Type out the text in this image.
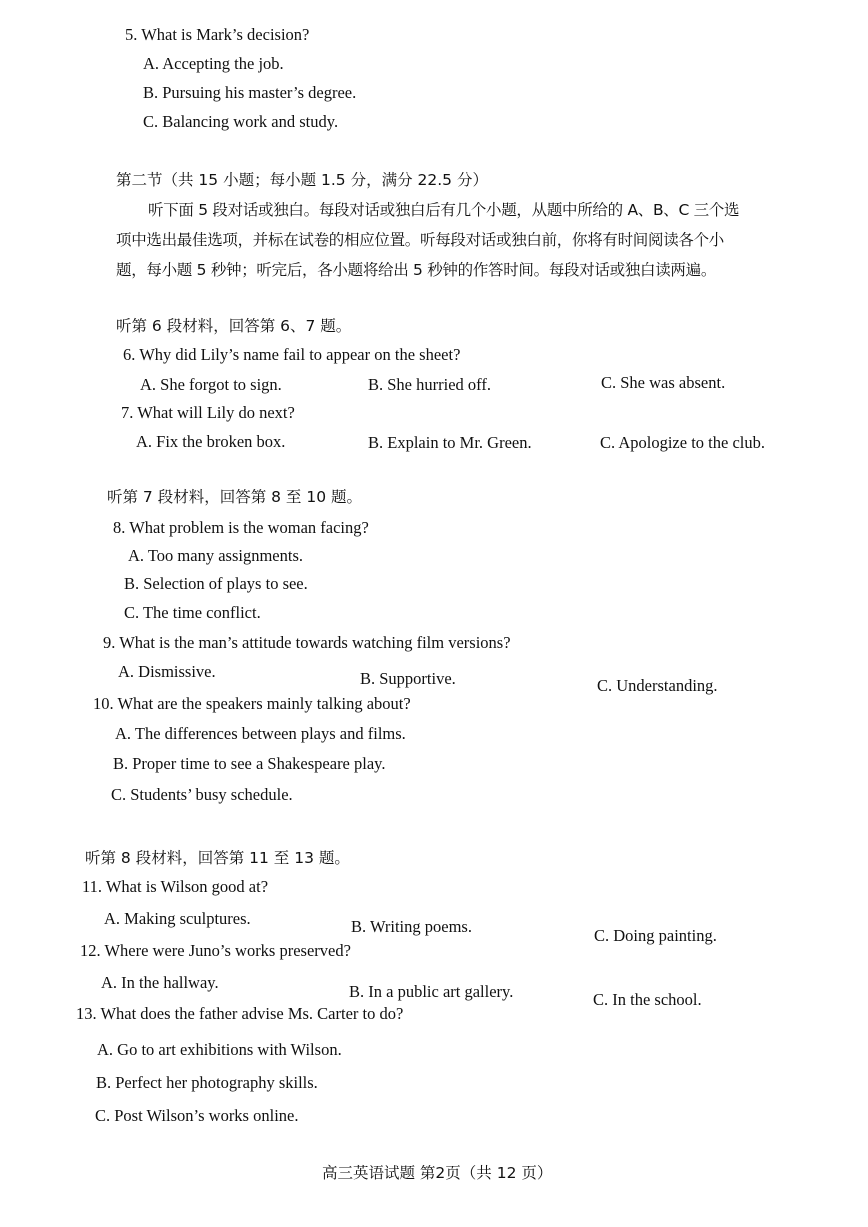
5. What is Mark’s decision?
A. Accepting the job.
B. Pursuing his master’s degree.
C. Balancing work and study.
第二节（共 15 小题；每小题 1.5 分，满分 22.5 分）
听下面 5 段对话或独白。每段对话或独白后有几个小题，从题中所给的 A、B、C 三个选
项中选出最佳选项，并标在试卷的相应位置。听每段对话或独白前，你将有时间阅读各个小
题，每小题 5 秒钟；听完后，各小题将给出 5 秒钟的作答时间。每段对话或独白读两遍。
听第 6 段材料，回答第 6、7 题。
6. Why did Lily’s name fail to appear on the sheet?
A. She forgot to sign.	B. She hurried off.	C. She was absent.
7. What will Lily do next?
A. Fix the broken box.	B. Explain to Mr. Green.	C. Apologize to the club.
听第 7 段材料，回答第 8 至 10 题。
8. What problem is the woman facing?
A. Too many assignments.
B. Selection of plays to see.
C. The time conflict.
9. What is the man’s attitude towards watching film versions?
A. Dismissive.	B. Supportive.	C. Understanding.
10. What are the speakers mainly talking about?
A. The differences between plays and films.
B. Proper time to see a Shakespeare play.
C. Students’ busy schedule.
听第 8 段材料，回答第 11 至 13 题。
11. What is Wilson good at?
A. Making sculptures.	B. Writing poems.	C. Doing painting.
12. Where were Juno’s works preserved?
A. In the hallway.	B. In a public art gallery.	C. In the school.
13. What does the father advise Ms. Carter to do?
A. Go to art exhibitions with Wilson.
B. Perfect her photography skills.
C. Post Wilson’s works online.
高三英语试题 第2页（共 12 页）
